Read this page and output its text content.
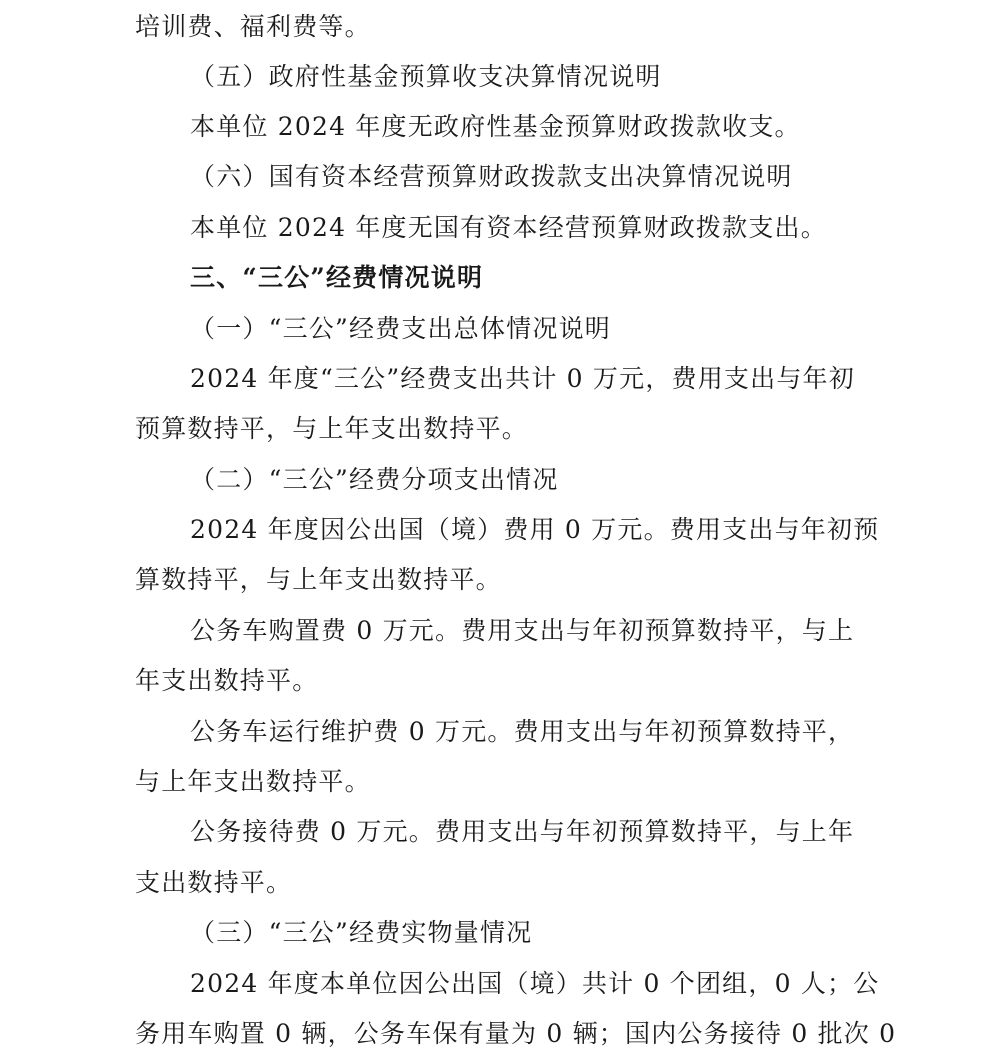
培训费、福利费等。
（五）政府性基金预算收支决算情况说明
本单位 2024 年度无政府性基金预算财政拨款收支。
（六）国有资本经营预算财政拨款支出决算情况说明
本单位 2024 年度无国有资本经营预算财政拨款支出。
三、“三公”经费情况说明
（一）“三公”经费支出总体情况说明
2024 年度“三公”经费支出共计 0 万元，费用支出与年初
预算数持平，与上年支出数持平。
（二）“三公”经费分项支出情况
2024 年度因公出国（境）费用 0 万元。费用支出与年初预
算数持平，与上年支出数持平。
公务车购置费 0 万元。费用支出与年初预算数持平，与上
年支出数持平。
公务车运行维护费 0 万元。费用支出与年初预算数持平，
与上年支出数持平。
公务接待费 0 万元。费用支出与年初预算数持平，与上年
支出数持平。
（三）“三公”经费实物量情况
2024 年度本单位因公出国（境）共计 0 个团组，0 人；公
务用车购置 0 辆，公务车保有量为 0 辆；国内公务接待 0 批次 0
